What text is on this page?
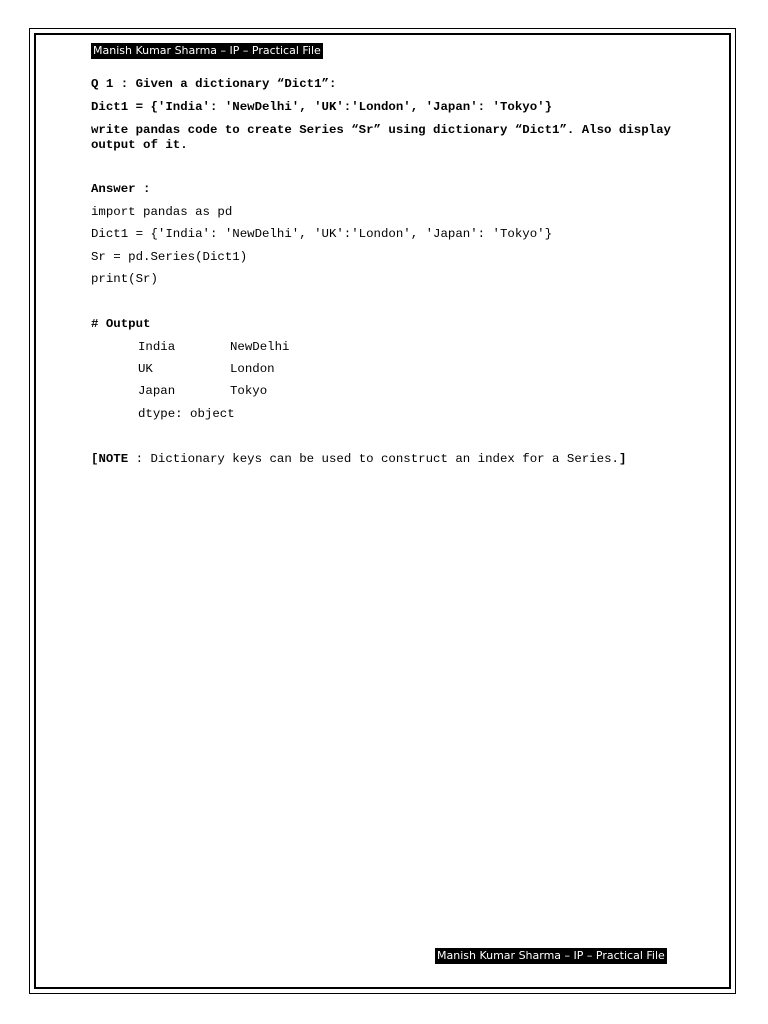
Manish Kumar Sharma – IP – Practical File
Q 1 : Given a dictionary “Dict1”:
Dict1 = {'India': 'NewDelhi', 'UK':'London', 'Japan': 'Tokyo'}
write pandas code to create Series “Sr” using dictionary “Dict1”. Also display output of it.
Answer :
import pandas as pd
Dict1 = {'India': 'NewDelhi', 'UK':'London', 'Japan': 'Tokyo'}
Sr = pd.Series(Dict1)
print(Sr)
# Output
India	NewDelhi
UK	London
Japan	Tokyo
dtype: object
[NOTE : Dictionary keys can be used to construct an index for a Series.]
Manish Kumar Sharma – IP – Practical File
